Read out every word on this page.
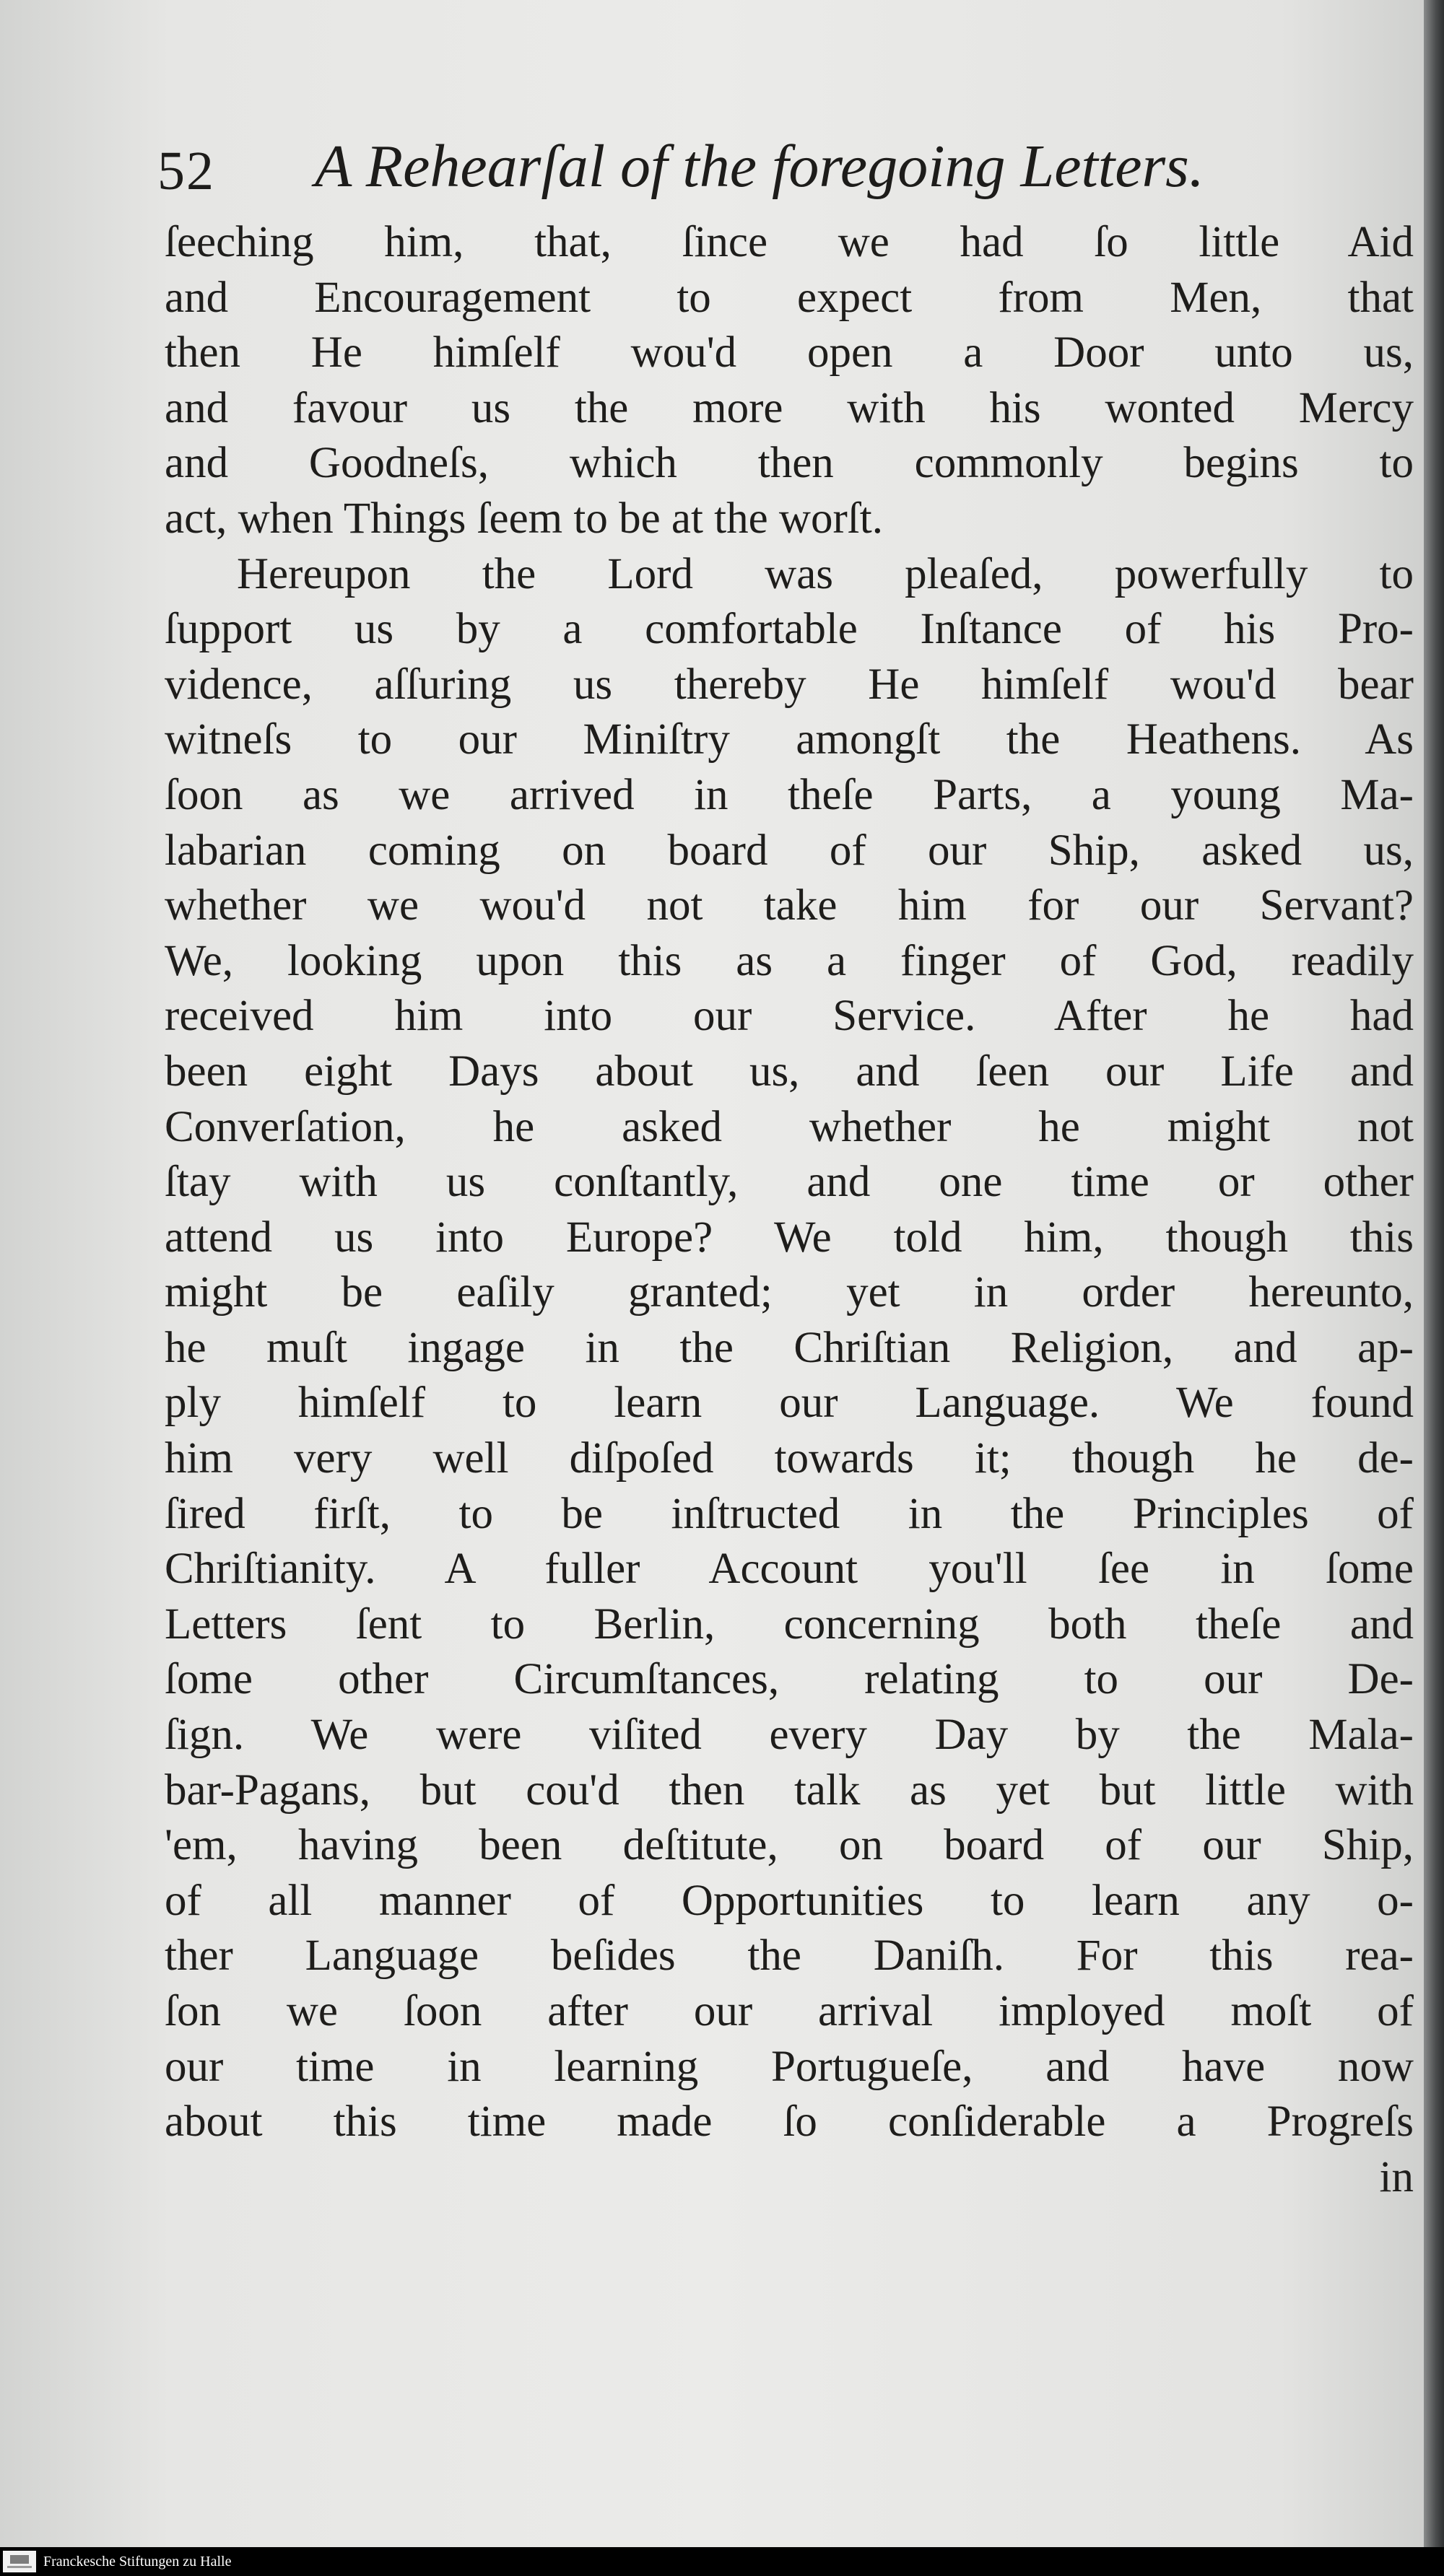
52 A Rehearſal of the foregoing Letters.
ſeeching him, that, ſince we had ſo little Aid
and Encouragement to expect from Men, that
then He himſelf wou'd open a Door unto us,
and favour us the more with his wonted Mercy
and Goodneſs, which then commonly begins to
act, when Things ſeem to be at the worſt.
Hereupon the Lord was pleaſed, powerfully to
ſupport us by a comfortable Inſtance of his Pro-
vidence, aſſuring us thereby He himſelf wou'd bear
witneſs to our Miniſtry amongſt the Heathens. As
ſoon as we arrived in theſe Parts, a young Ma-
labarian coming on board of our Ship, asked us,
whether we wou'd not take him for our Servant?
We, looking upon this as a finger of God, readily
received him into our Service. After he had
been eight Days about us, and ſeen our Life and
Converſation, he asked whether he might not
ſtay with us conſtantly, and one time or other
attend us into Europe? We told him, though this
might be eaſily granted; yet in order hereunto,
he muſt ingage in the Chriſtian Religion, and ap-
ply himſelf to learn our Language. We found
him very well diſpoſed towards it; though he de-
ſired firſt, to be inſtructed in the Principles of
Chriſtianity. A fuller Account you'll ſee in ſome
Letters ſent to Berlin, concerning both theſe and
ſome other Circumſtances, relating to our De-
ſign. We were viſited every Day by the Mala-
bar-Pagans, but cou'd then talk as yet but little with
'em, having been deſtitute, on board of our Ship,
of all manner of Opportunities to learn any o-
ther Language beſides the Daniſh. For this rea-
ſon we ſoon after our arrival imployed moſt of
our time in learning Portugueſe, and have now
about this time made ſo conſiderable a Progreſs
in
Franckesche Stiftungen zu Halle
